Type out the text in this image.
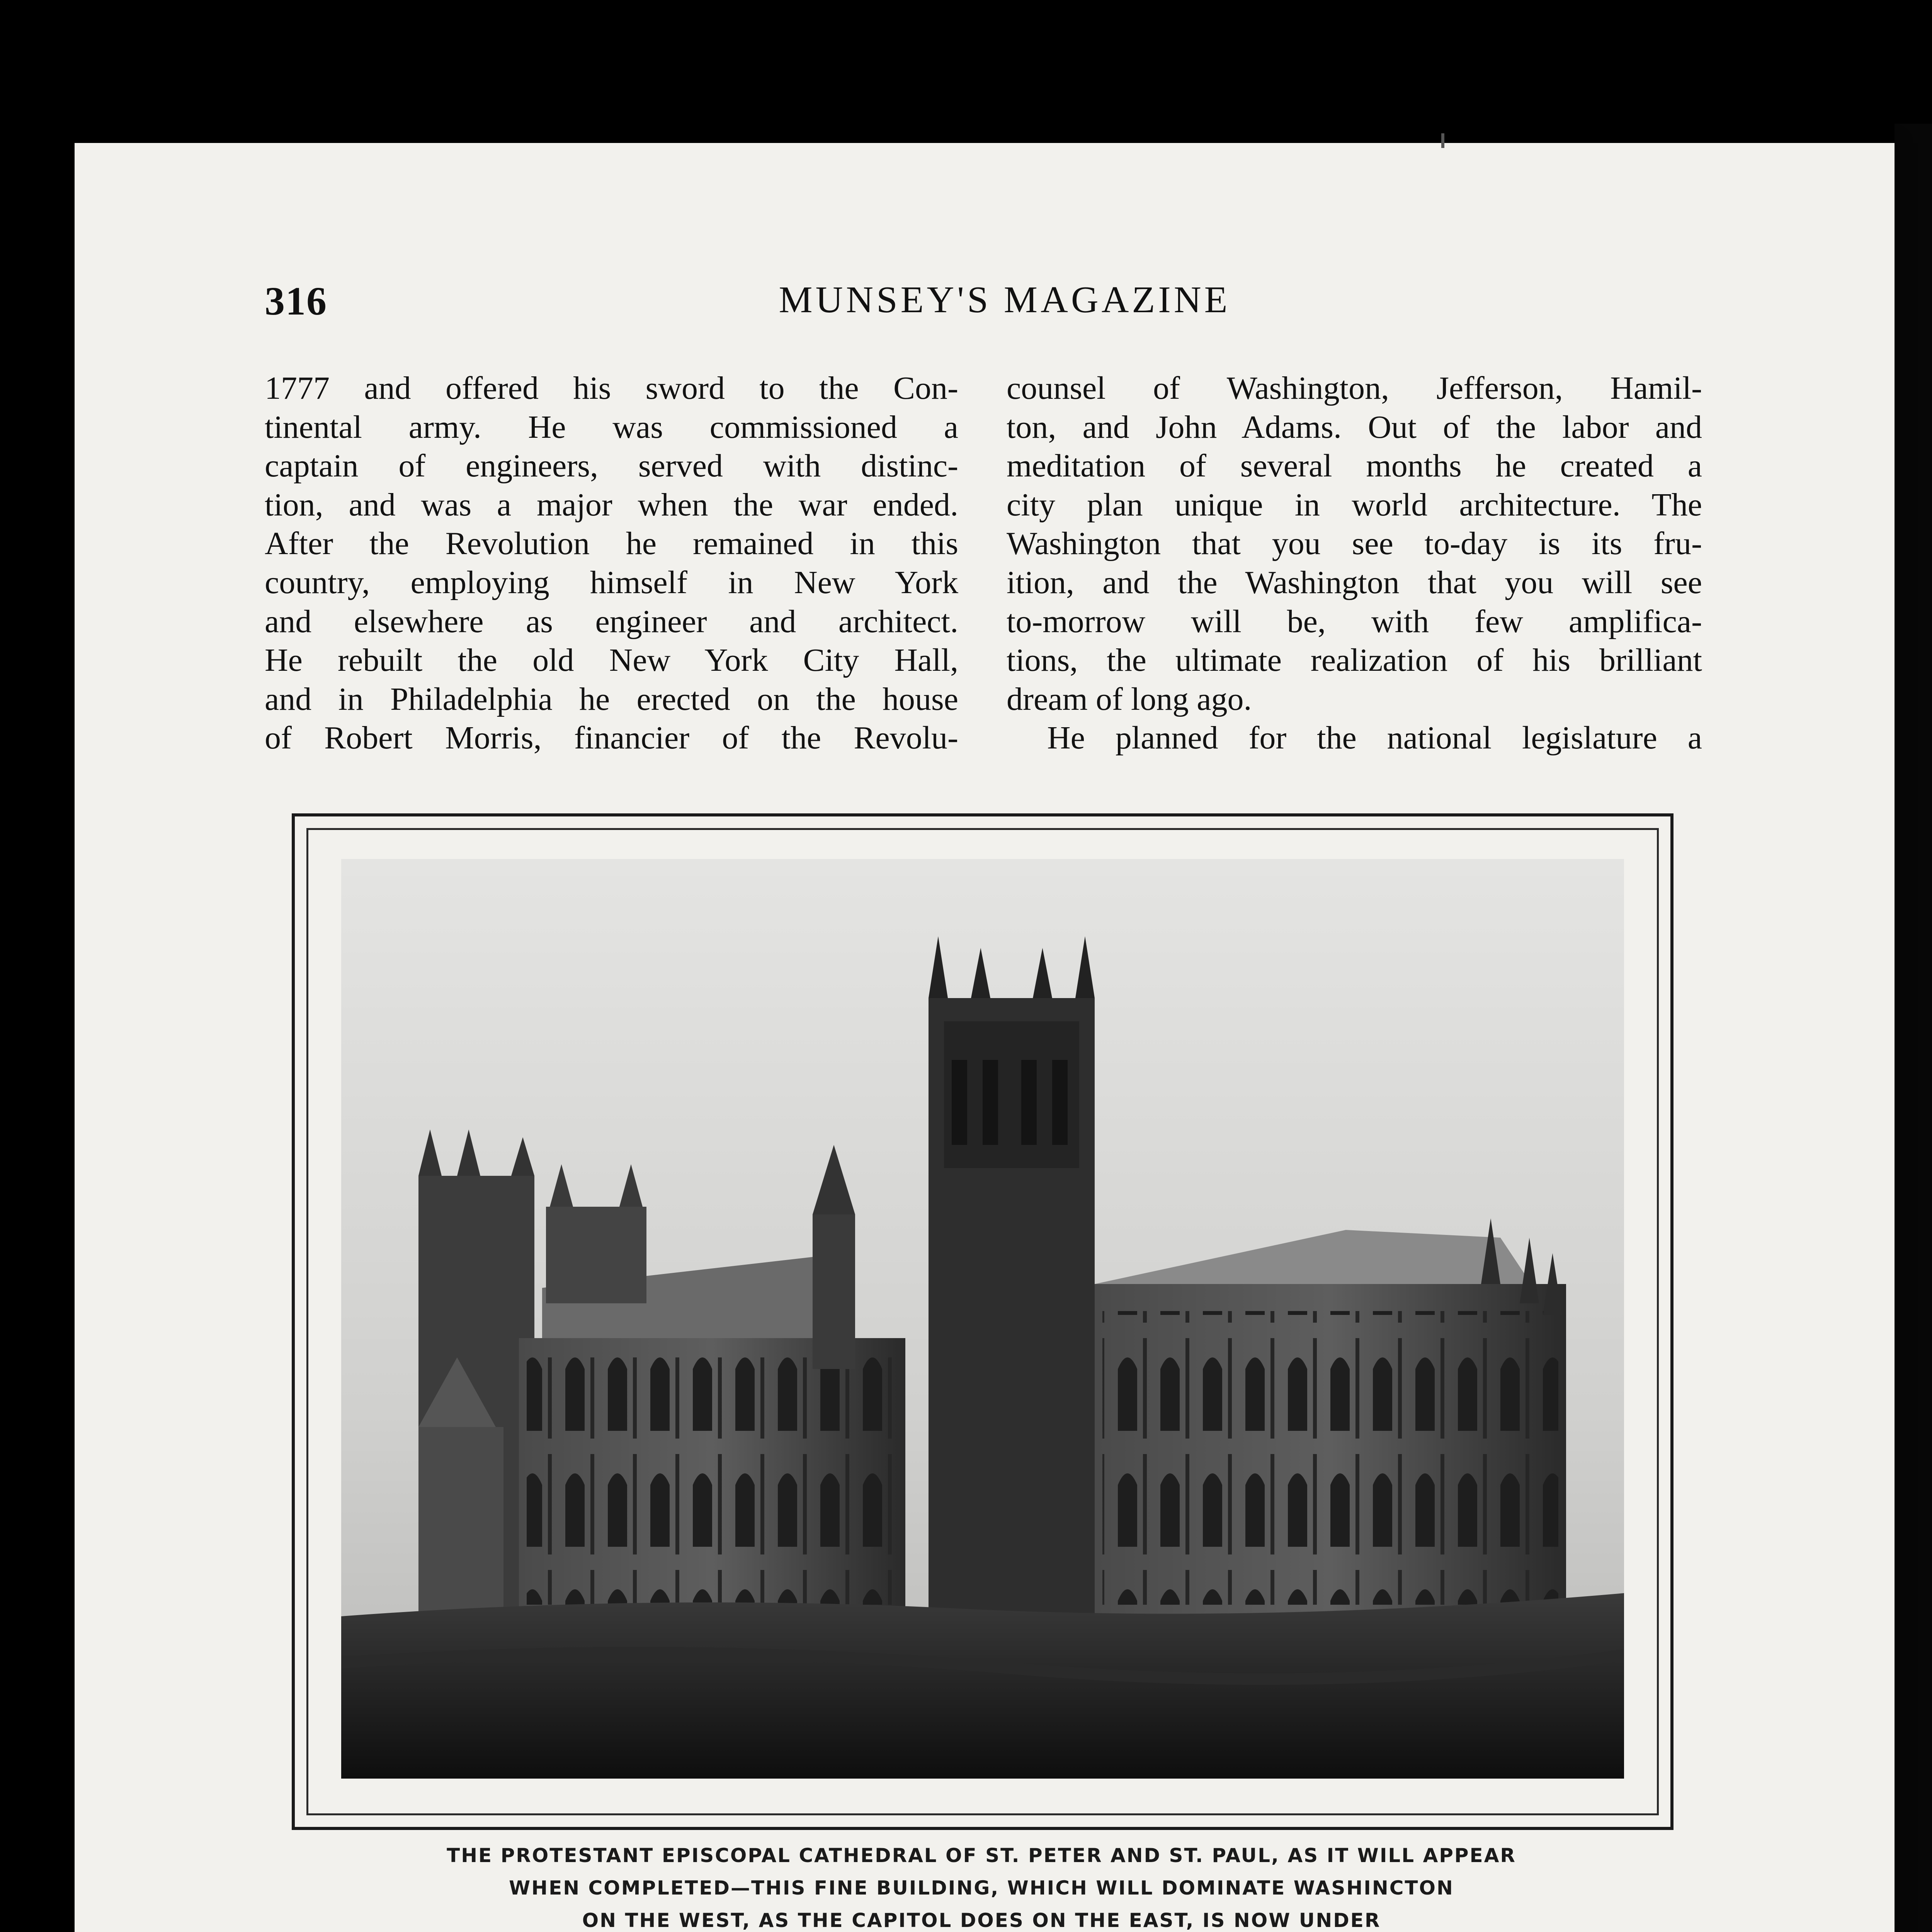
316	MUNSEY'S MAGAZINE
1777 and offered his sword to the Con-
tinental army. He was commissioned a
captain of engineers, served with distinc-
tion, and was a major when the war ended.
After the Revolution he remained in this
country, employing himself in New York
and elsewhere as engineer and architect.
He rebuilt the old New York City Hall,
and in Philadelphia he erected on the house
of Robert Morris, financier of the Revolu-
counsel of Washington, Jefferson, Hamil-
ton, and John Adams. Out of the labor and
meditation of several months he created a
city plan unique in world architecture. The
Washington that you see to-day is its fru-
ition, and the Washington that you will see
to-morrow will be, with few amplifica-
tions, the ultimate realization of his brilliant
dream of long ago.
He planned for the national legislature a
THE PROTESTANT EPISCOPAL CATHEDRAL OF ST. PETER AND ST. PAUL, AS IT WILL APPEAR
WHEN COMPLETED—THIS FINE BUILDING, WHICH WILL DOMINATE WASHINCTON
ON THE WEST, AS THE CAPITOL DOES ON THE EAST, IS NOW UNDER
